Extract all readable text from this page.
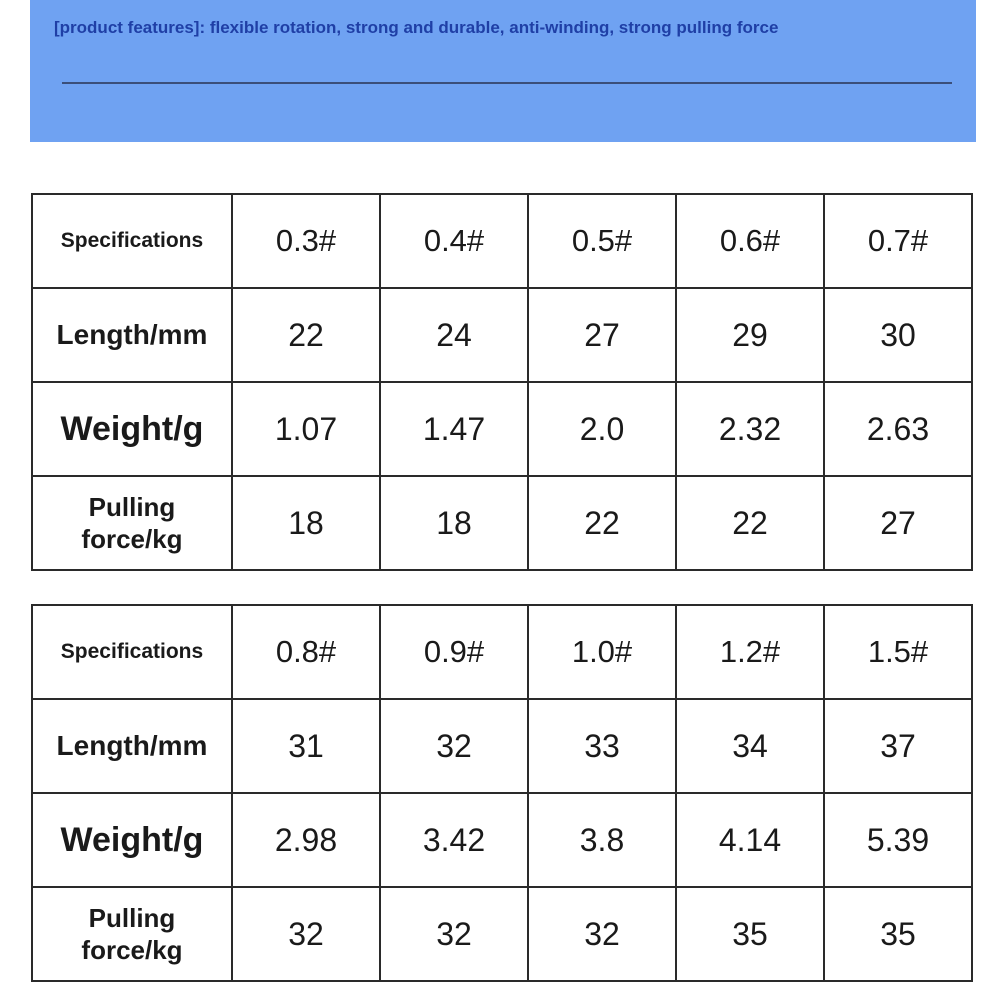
[product features]: flexible rotation, strong and durable, anti-winding, strong pulling force
Specifications	0.3#	0.4#	0.5#	0.6#	0.7#
Length/mm	22	24	27	29	30
Weight/g	1.07	1.47	2.0	2.32	2.63

Pulling
force/kg	18	18	22	22	27
Specifications	0.8#	0.9#	1.0#	1.2#	1.5#
Length/mm	31	32	33	34	37
Weight/g	2.98	3.42	3.8	4.14	5.39

Pulling
force/kg	32	32	32	35	35
